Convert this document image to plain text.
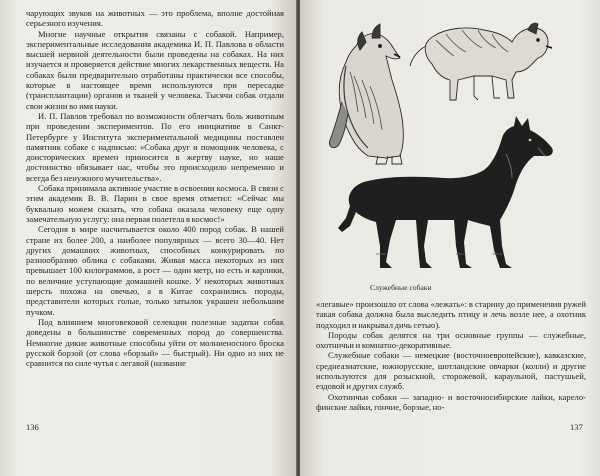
чарующих звуков на животных — это проблема, вполне достойная серьезного изучения.

Многие научные открытия связаны с собакой. Например, экспериментальные исследования академика И. П. Павлова в области высшей нервной деятельности были проведены на собаках. На них изучается и проверяется действие многих лекарственных веществ. На собаках были предварительно отработаны практически все способы, которые в настоящее время используются при пересадке (трансплантации) органов и тканей у человека. Тысячи собак отдали свои жизни во имя науки.

И. П. Павлов требовал по возможности облегчать боль животным при проведении экспериментов. По его инициативе в Санкт-Петербурге у Института экспериментальной медицины поставлен памятник собаке с надписью: «Собака друг и помощник человека, с доисторических времен приносится в жертву науке, но наше достоинство обязывает нас, чтобы это происходило непременно и всегда без ненужного мучительства».

Собака принимала активное участие в освоении космоса. В связи с этим академик В. В. Парин в свое время отметил: «Сейчас мы буквально можем сказать, что собака оказала человеку еще одну замечательную услугу: она первая полетела в космос!»

Сегодня в мире насчитывается около 400 пород собак. В нашей стране их более 200, а наиболее популярных — всего 30—40. Нет других домашних животных, способных конкурировать по разнообразию облика с собаками. Живая масса некоторых из них превышает 100 килограммов, а рост — один метр, но есть и карлики, по величине уступающие домашней кошке. У некоторых животных шерсть похожа на овечью, а в Китае сохранились породы, представители которых голые, только затылок украшен небольшим пучком.

Под влиянием многовековой селекции полезные задатки собак доведены в большинстве современных пород до совершенства. Немногие дикие животные способны уйти от молниеносного броска русской борзой (от слова «борзый» — быстрый). Ни одно из них не сравнится по силе чутья с легавой (название

136
Служебные собаки

«легавые» произошло от слова «лежать»: в старину до применения ружей такая собака должна была выследить птицу и лечь возле нее, а охотник подходил и накрывал дичь сетью).

Породы собак делятся на три основные группы — служебные, охотничьи и комнатно-декоративные.

Служебные собаки — немецкие (восточноевропейские), кавказские, среднеазиатские, южнорусские, шотландские овчарки (колли) и другие используются для розыскной, сторожевой, караульной, пастушьей, ездовой и других служб.

Охотничьи собаки — западно- и восточносибирские лайки, карело-финские лайки, гончие, борзые, но-

137
